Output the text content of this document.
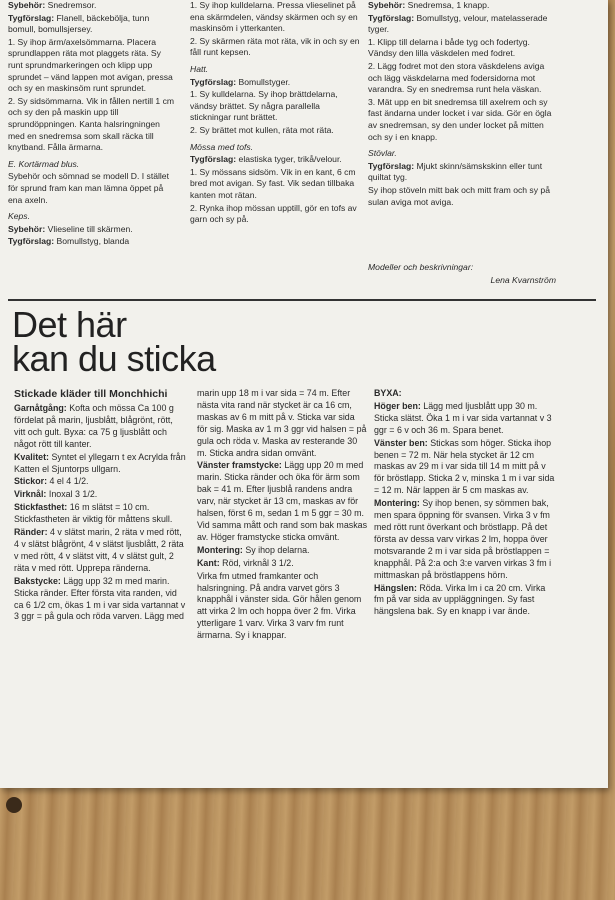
Sybehör: Snedremsor.

Tygförslag: Flanell, bäckebölja, tunn bomull, bomullsjersey.

1. Sy ihop ärm/axelsömmarna. Placera sprundlappen räta mot plaggets räta. Sy runt sprundmarkeringen och klipp upp sprundet – vänd lappen mot avigan, pressa och sy en maskinsöm runt sprundet.

2. Sy sidsömmarna. Vik in fållen nertill 1 cm och sy den på maskin upp till sprundöppningen. Kanta halsringningen med en snedremsa som skall räcka till knytband. Fålla ärmarna.

E. Kortärmad blus.

Sybehör och sömnad se modell D. I stället för sprund fram kan man lämna öppet på ena axeln.

Keps.

Sybehör: Vlieseline till skärmen.

Tygförslag: Bomullstyg, blanda

1. Sy ihop kulldelarna. Pressa vlieselinet på ena skärmdelen, vändsy skärmen och sy en maskinsöm i ytterkanten.

2. Sy skärmen räta mot räta, vik in och sy en fåll runt kepsen.

Hatt.

Tygförslag: Bomullstyger.

1. Sy kulldelarna. Sy ihop brättdelarna, vändsy brättet. Sy några parallella stickningar runt brättet.

2. Sy brättet mot kullen, räta mot räta.

Mössa med tofs.

Tygförslag: elastiska tyger, trikå/velour.

1. Sy mössans sidsöm. Vik in en kant, 6 cm bred mot avigan. Sy fast. Vik sedan tillbaka kanten mot rätan.

2. Rynka ihop mössan upptill, gör en tofs av garn och sy på.

Sybehör: Snedremsa, 1 knapp.

Tygförslag: Bomullstyg, velour, matelasserade tyger.

1. Klipp till delarna i både tyg och fodertyg. Vändsy den lilla väskdelen med fodret.

2. Lägg fodret mot den stora väskdelens avigа och lägg väskdelarna med fodersidorna mot varandra. Sy en snedremsa runt hela väskan.

3. Mät upp en bit snedremsa till axelrem och sy fast ändarna under locket i var sida. Gör en ögla av snedremsan, sy den under locket på mitten och sy i en knapp.

Stövlar.

Tygförslag: Mjukt skinn/sämskskinn eller tunt quiltat tyg.

Sy ihop stöveln mitt bak och mitt fram och sy på sulan aviga mot aviga.

Modeller och beskrivningar:

Lena Kvarnström

Det här
kan du sticka
Stickade kläder till Monchhichi

Garnåtgång: Kofta och mössa Ca 100 g fördelat på marin, ljusblått, blågrönt, rött, vitt och gult. Byxa: ca 75 g ljusblått och något rött till kanter.

Kvalitet: Syntet el yllegarn t ex Acrylda från Katten el Sjuntorps ullgarn.

Stickor: 4 el 4 1/2.

Virknål: Inoxal 3 1/2.

Stickfasthet: 16 m slätst = 10 cm. Stickfastheten är viktig för måttens skull.

Ränder: 4 v slätst marin, 2 räta v med rött, 4 v slätst blågrönt, 4 v slätst ljusblått, 2 räta v med rött, 4 v slätst vitt, 4 v slätst gult, 2 räta v med rött. Upprepa ränderna.

Bakstycke: Lägg upp 32 m med marin. Sticka ränder. Efter första vita randen, vid ca 6 1/2 cm, ökas 1 m i var sida vartannat v 3 ggr = på gula och röda varven. Lägg med

marin upp 18 m i var sida = 74 m. Efter nästa vita rand när stycket är ca 16 cm, maskas av 6 m mitt på v. Sticka var sida för sig. Maska av 1 m 3 ggr vid halsen = på gula och röda v. Maska av resterande 30 m. Sticka andra sidan omvänt.

Vänster framstycke: Lägg upp 20 m med marin. Sticka ränder och öka för ärm som bak = 41 m. Efter ljusblå randens andra varv, när stycket är 13 cm, maskas av för halsen, först 6 m, sedan 1 m 5 ggr = 30 m. Vid samma mått och rand som bak maskas av. Höger framstycke sticka omvänt.

Montering: Sy ihop delarna.

Kant: Röd, virknål 3 1/2.

Virka fm utmed framkanter och halsringning. På andra varvet görs 3 knapphål i vänster sida. Gör hålen genom att virka 2 lm och hoppa över 2 fm. Virka ytterligare 1 varv. Virka 3 varv fm runt ärmarna. Sy i knappar.

BYXA:

Höger ben: Lägg med ljusblått upp 30 m. Sticka slätst. Öka 1 m i var sida vartannat v 3 ggr = 6 v och 36 m. Spara benet.

Vänster ben: Stickas som höger. Sticka ihop benen = 72 m. När hela stycket är 12 cm maskas av 29 m i var sida till 14 m mitt på v för bröstlapp. Sticka 2 v, minska 1 m i var sida = 12 m. När lappen är 5 cm maskas av.

Montering: Sy ihop benen, sy sömmen bak, men spara öppning för svansen. Virka 3 v fm med rött runt överkant och bröstlapp. På det första av dessa varv virkas 2 lm, hoppa över motsvarande 2 m i var sida på bröstlappen = knapphål. På 2:a och 3:e varven virkas 3 fm i mittmaskan på bröstlappens hörn.

Hängslen: Röda. Virka lm i ca 20 cm. Virka fm på var sida av uppläggningen. Sy fast hängslena bak. Sy en knapp i var ände.
